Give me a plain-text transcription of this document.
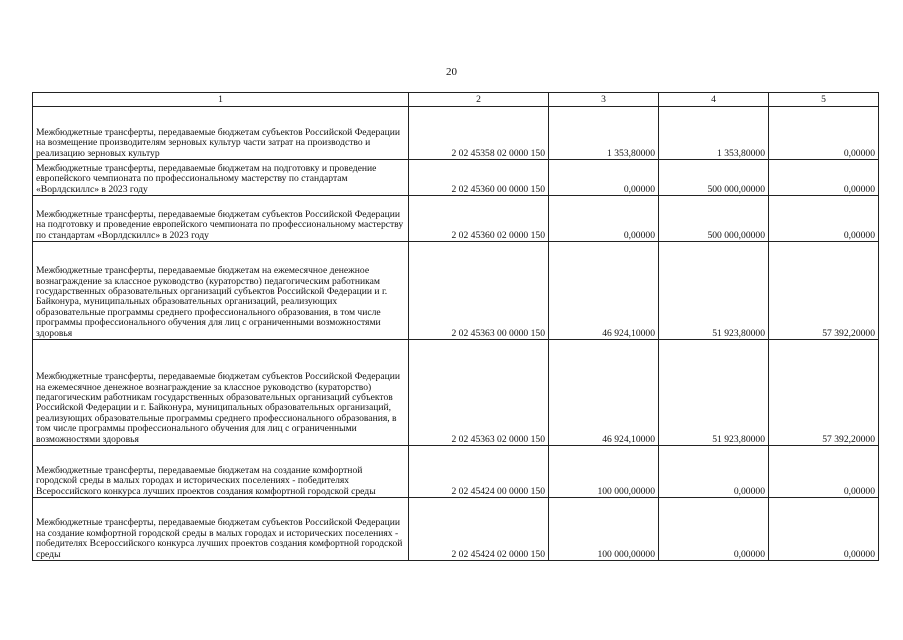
20
1	2	3	4	5
Межбюджетные трансферты, передаваемые бюджетам субъектов Российской Федерации на возмещение производителям зерновых культур части затрат на производство и реализацию зерновых культур	2 02 45358 02 0000 150	1 353,80000	1 353,80000	0,00000
Межбюджетные трансферты, передаваемые бюджетам на подготовку и проведение европейского чемпионата по профессиональному мастерству по стандартам «Ворлдскиллс» в 2023 году	2 02 45360 00 0000 150	0,00000	500 000,00000	0,00000
Межбюджетные трансферты, передаваемые бюджетам субъектов Российской Федерации на подготовку и проведение европейского чемпионата по профессиональному мастерству по стандартам «Ворлдскиллс» в 2023 году	2 02 45360 02 0000 150	0,00000	500 000,00000	0,00000
Межбюджетные трансферты, передаваемые бюджетам на ежемесячное денежное вознаграждение за классное руководство (кураторство) педагогическим работникам государственных образовательных организаций субъектов Российской Федерации и г. Байконура, муниципальных образовательных организаций, реализующих образовательные программы среднего профессионального образования, в том числе программы профессионального обучения для лиц с ограниченными возможностями здоровья	2 02 45363 00 0000 150	46 924,10000	51 923,80000	57 392,20000
Межбюджетные трансферты, передаваемые бюджетам субъектов Российской Федерации на ежемесячное денежное вознаграждение за классное руководство (кураторство) педагогическим работникам государственных образовательных организаций субъектов Российской Федерации и г. Байконура, муниципальных образовательных организаций, реализующих образовательные программы среднего профессионального образования, в том числе программы профессионального обучения для лиц с ограниченными возможностями здоровья	2 02 45363 02 0000 150	46 924,10000	51 923,80000	57 392,20000
Межбюджетные трансферты, передаваемые бюджетам на создание комфортной городской среды в малых городах и исторических поселениях - победителях Всероссийского конкурса лучших проектов создания комфортной городской среды	2 02 45424 00 0000 150	100 000,00000	0,00000	0,00000
Межбюджетные трансферты, передаваемые бюджетам субъектов Российской Федерации на создание комфортной городской среды в малых городах и исторических поселениях - победителях Всероссийского конкурса лучших проектов создания комфортной городской среды	2 02 45424 02 0000 150	100 000,00000	0,00000	0,00000
